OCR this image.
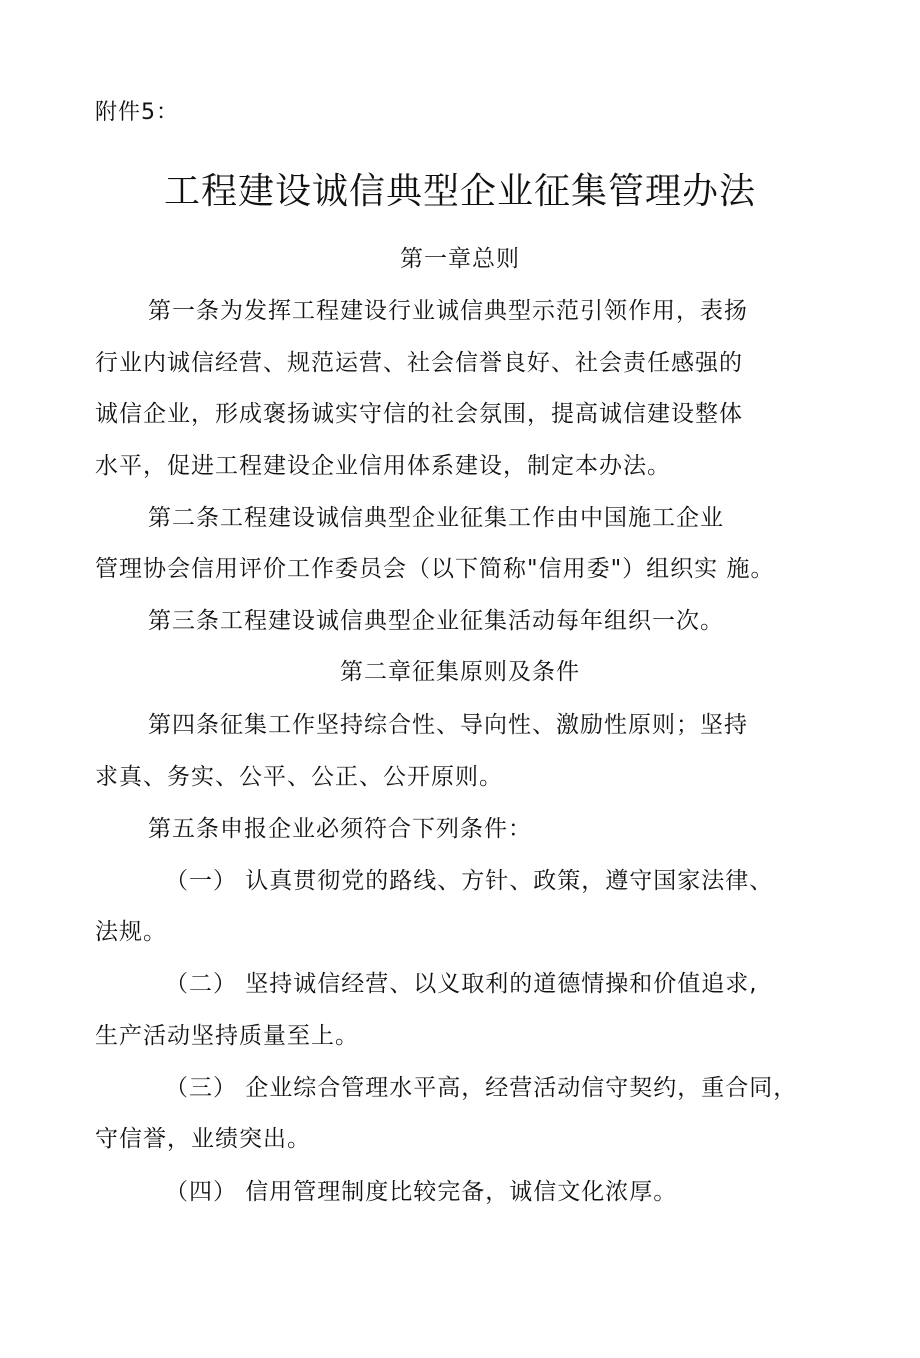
附件5：
工程建设诚信典型企业征集管理办法
第一章总则
第一条为发挥工程建设行业诚信典型示范引领作用，表扬
行业内诚信经营、规范运营、社会信誉良好、社会责任感强的
诚信企业，形成褒扬诚实守信的社会氛围，提高诚信建设整体
水平，促进工程建设企业信用体系建设，制定本办法。
第二条工程建设诚信典型企业征集工作由中国施工企业
管理协会信用评价工作委员会（以下简称"信用委"）组织实 施。
第三条工程建设诚信典型企业征集活动每年组织一次。
第二章征集原则及条件
第四条征集工作坚持综合性、导向性、激励性原则；坚持
求真、务实、公平、公正、公开原则。
第五条申报企业必须符合下列条件：
（一） 认真贯彻党的路线、方针、政策，遵守国家法律、
法规。
（二） 坚持诚信经营、以义取利的道德情操和价值追求,
生产活动坚持质量至上。
（三） 企业综合管理水平高，经营活动信守契约，重合同，
守信誉，业绩突出。
（四） 信用管理制度比较完备，诚信文化浓厚。
